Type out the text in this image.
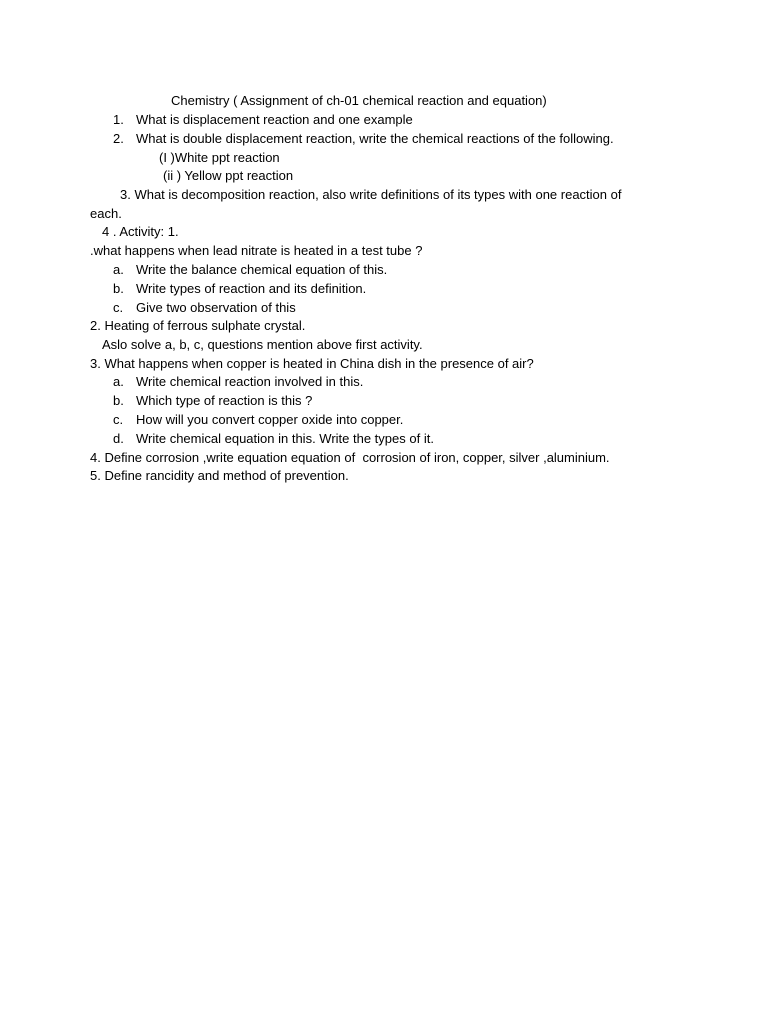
Chemistry ( Assignment of ch-01 chemical reaction and equation)
1. What is displacement reaction and one example
2. What is double displacement reaction, write the chemical reactions of the following.
(I )White ppt reaction
(ii ) Yellow ppt reaction
3. What is decomposition reaction, also write definitions of its types with one reaction of
each.
4 . Activity: 1.
.what happens when lead nitrate is heated in a test tube ?
a. Write the balance chemical equation of this.
b. Write types of reaction and its definition.
c. Give two observation of this
2. Heating of ferrous sulphate crystal.
Aslo solve a, b, c, questions mention above first activity.
3. What happens when copper is heated in China dish in the presence of air?
a. Write chemical reaction involved in this.
b. Which type of reaction is this ?
c. How will you convert copper oxide into copper.
d. Write chemical equation in this. Write the types of it.
4. Define corrosion ,write equation equation of  corrosion of iron, copper, silver ,aluminium.
5. Define rancidity and method of prevention.
